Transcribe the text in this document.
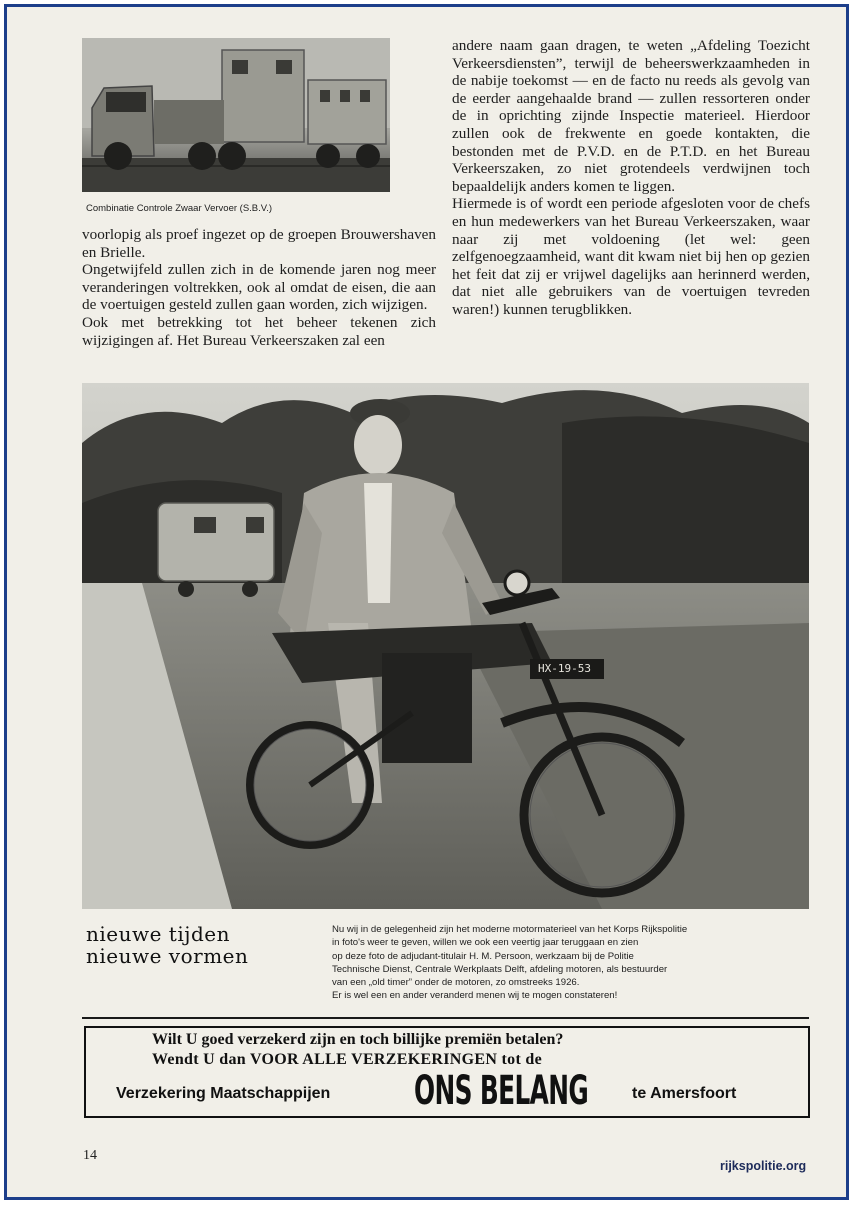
Combinatie Controle Zwaar Vervoer (S.B.V.)

voorlopig als proef ingezet op de groepen Brouwershaven en Brielle.

Ongetwijfeld zullen zich in de komende jaren nog meer veranderingen voltrekken, ook al omdat de eisen, die aan de voertuigen gesteld zullen gaan worden, zich wijzigen.

Ook met betrekking tot het beheer tekenen zich wijzigingen af. Het Bureau Verkeerszaken zal een

andere naam gaan dragen, te weten „Afdeling Toezicht Verkeersdiensten”, terwijl de beheerswerkzaamheden in de nabije toekomst — en de facto nu reeds als gevolg van de eerder aangehaalde brand — zullen ressorteren onder de in oprichting zijnde Inspectie materieel. Hierdoor zullen ook de frekwente en goede kontakten, die bestonden met de P.V.D. en de P.T.D. en het Bureau Verkeerszaken, zo niet grotendeels verdwijnen toch bepaaldelijk anders komen te liggen.

Hiermede is of wordt een periode afgesloten voor de chefs en hun medewerkers van het Bureau Verkeerszaken, waar naar zij met voldoening (let wel: geen zelfgenoegzaamheid, want dit kwam niet bij hen op gezien het feit dat zij er vrijwel dagelijks aan herinnerd werden, dat niet alle gebruikers van de voertuigen tevreden waren!) kunnen terugblikken.

HX-19-53
nieuwe tijden
nieuwe vormen
Nu wij in de gelegenheid zijn het moderne motormaterieel van het Korps Rijkspolitie
in foto's weer te geven, willen we ook een veertig jaar teruggaan en zien
op deze foto de adjudant-titulair H. M. Persoon, werkzaam bij de Politie
Technische Dienst, Centrale Werkplaats Delft, afdeling motoren, als bestuurder
van een „old timer” onder de motoren, zo omstreeks 1926.
Er is wel een en ander veranderd menen wij te mogen constateren!
Wilt U goed verzekerd zijn en toch billijke premiën betalen?
Wendt U dan VOOR ALLE VERZEKERINGEN tot de
Verzekering Maatschappijen ONS BELANG	te Amersfoort
14
rijkspolitie.org
